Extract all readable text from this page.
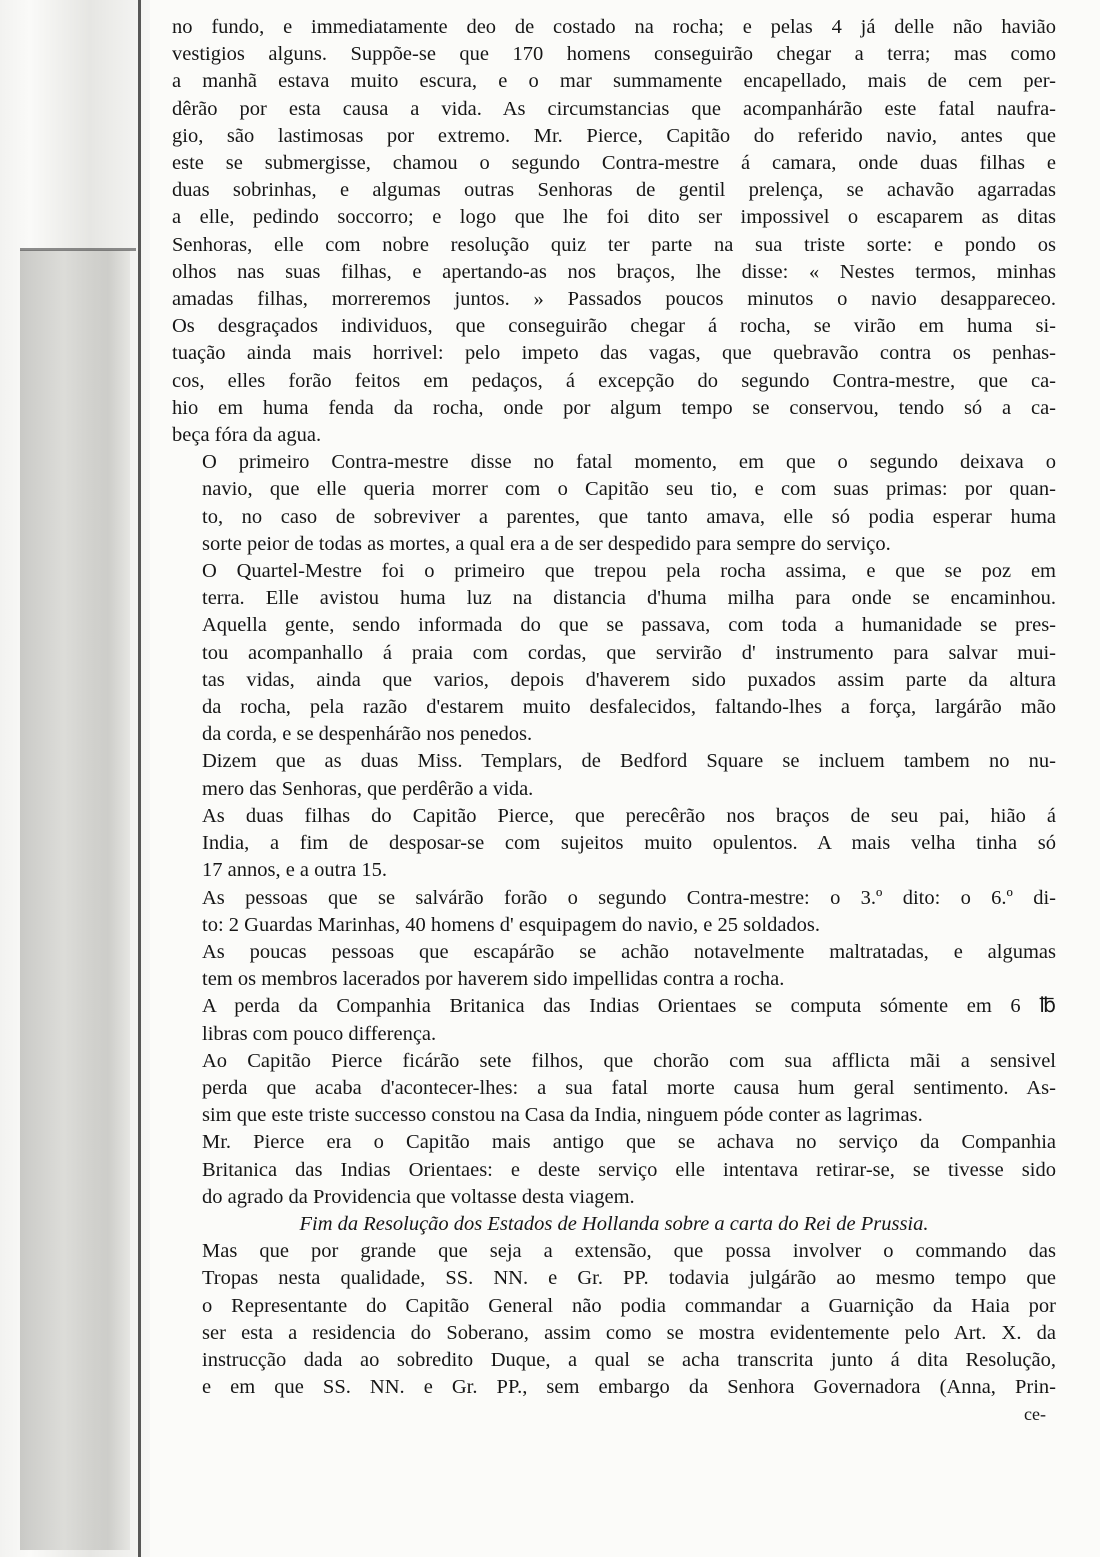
no fundo, e immediatamente deo de costado na rocha; e pelas 4 já delle não havião
vestigios alguns. Suppõe-se que 170 homens conseguirão chegar a terra; mas como
a manhã estava muito escura, e o mar summamente encapellado, mais de cem per-
dêrão por esta causa a vida. As circumstancias que acompanhárão este fatal naufra-
gio, são lastimosas por extremo. Mr. Pierce, Capitão do referido navio, antes que
este se submergisse, chamou o segundo Contra-mestre á camara, onde duas filhas e
duas sobrinhas, e algumas outras Senhoras de gentil prelença, se achavão agarradas
a elle, pedindo soccorro; e logo que lhe foi dito ser impossivel o escaparem as ditas
Senhoras, elle com nobre resolução quiz ter parte na sua triste sorte: e pondo os
olhos nas suas filhas, e apertando-as nos braços, lhe disse: « Nestes termos, minhas
amadas filhas, morreremos juntos. » Passados poucos minutos o navio desappareceo.
Os desgraçados individuos, que conseguirão chegar á rocha, se virão em huma si-
tuação ainda mais horrivel: pelo impeto das vagas, que quebravão contra os penhas-
cos, elles forão feitos em pedaços, á excepção do segundo Contra-mestre, que ca-
hio em huma fenda da rocha, onde por algum tempo se conservou, tendo só a ca-
beça fóra da agua.

O primeiro Contra-mestre disse no fatal momento, em que o segundo deixava o
navio, que elle queria morrer com o Capitão seu tio, e com suas primas: por quan-
to, no caso de sobreviver a parentes, que tanto amava, elle só podia esperar huma
sorte peior de todas as mortes, a qual era a de ser despedido para sempre do serviço.

O Quartel-Mestre foi o primeiro que trepou pela rocha assima, e que se poz em
terra. Elle avistou huma luz na distancia d'huma milha para onde se encaminhou.
Aquella gente, sendo informada do que se passava, com toda a humanidade se pres-
tou acompanhallo á praia com cordas, que servirão d' instrumento para salvar mui-
tas vidas, ainda que varios, depois d'haverem sido puxados assim parte da altura
da rocha, pela razão d'estarem muito desfalecidos, faltando-lhes a força, largárão mão
da corda, e se despenhárão nos penedos.

Dizem que as duas Miss. Templars, de Bedford Square se incluem tambem no nu-
mero das Senhoras, que perdêrão a vida.

As duas filhas do Capitão Pierce, que perecêrão nos braços de seu pai, hião á
India, a fim de desposar-se com sujeitos muito opulentos. A mais velha tinha só
17 annos, e a outra 15.

As pessoas que se salvárão forão o segundo Contra-mestre: o 3.º dito: o 6.º di-
to: 2 Guardas Marinhas, 40 homens d' esquipagem do navio, e 25 soldados.

As poucas pessoas que escapárão se achão notavelmente maltratadas, e algumas
tem os membros lacerados por haverem sido impellidas contra a rocha.

A perda da Companhia Britanica das Indias Orientaes se computa sómente em 6 ℔
libras com pouco differença.

Ao Capitão Pierce ficárão sete filhos, que chorão com sua afflicta mãi a sensivel
perda que acaba d'acontecer-lhes: a sua fatal morte causa hum geral sentimento. As-
sim que este triste successo constou na Casa da India, ninguem póde conter as lagrimas.

Mr. Pierce era o Capitão mais antigo que se achava no serviço da Companhia
Britanica das Indias Orientaes: e deste serviço elle intentava retirar-se, se tivesse sido
do agrado da Providencia que voltasse desta viagem.

Fim da Resolução dos Estados de Hollanda sobre a carta do Rei de Prussia.

Mas que por grande que seja a extensão, que possa involver o commando das
Tropas nesta qualidade, SS. NN. e Gr. PP. todavia julgárão ao mesmo tempo que
o Representante do Capitão General não podia commandar a Guarnição da Haia por
ser esta a residencia do Soberano, assim como se mostra evidentemente pelo Art. X. da
instrucção dada ao sobredito Duque, a qual se acha transcrita junto á dita Resolução,
e em que SS. NN. e Gr. PP., sem embargo da Senhora Governadora (Anna, Prin-

ce-
